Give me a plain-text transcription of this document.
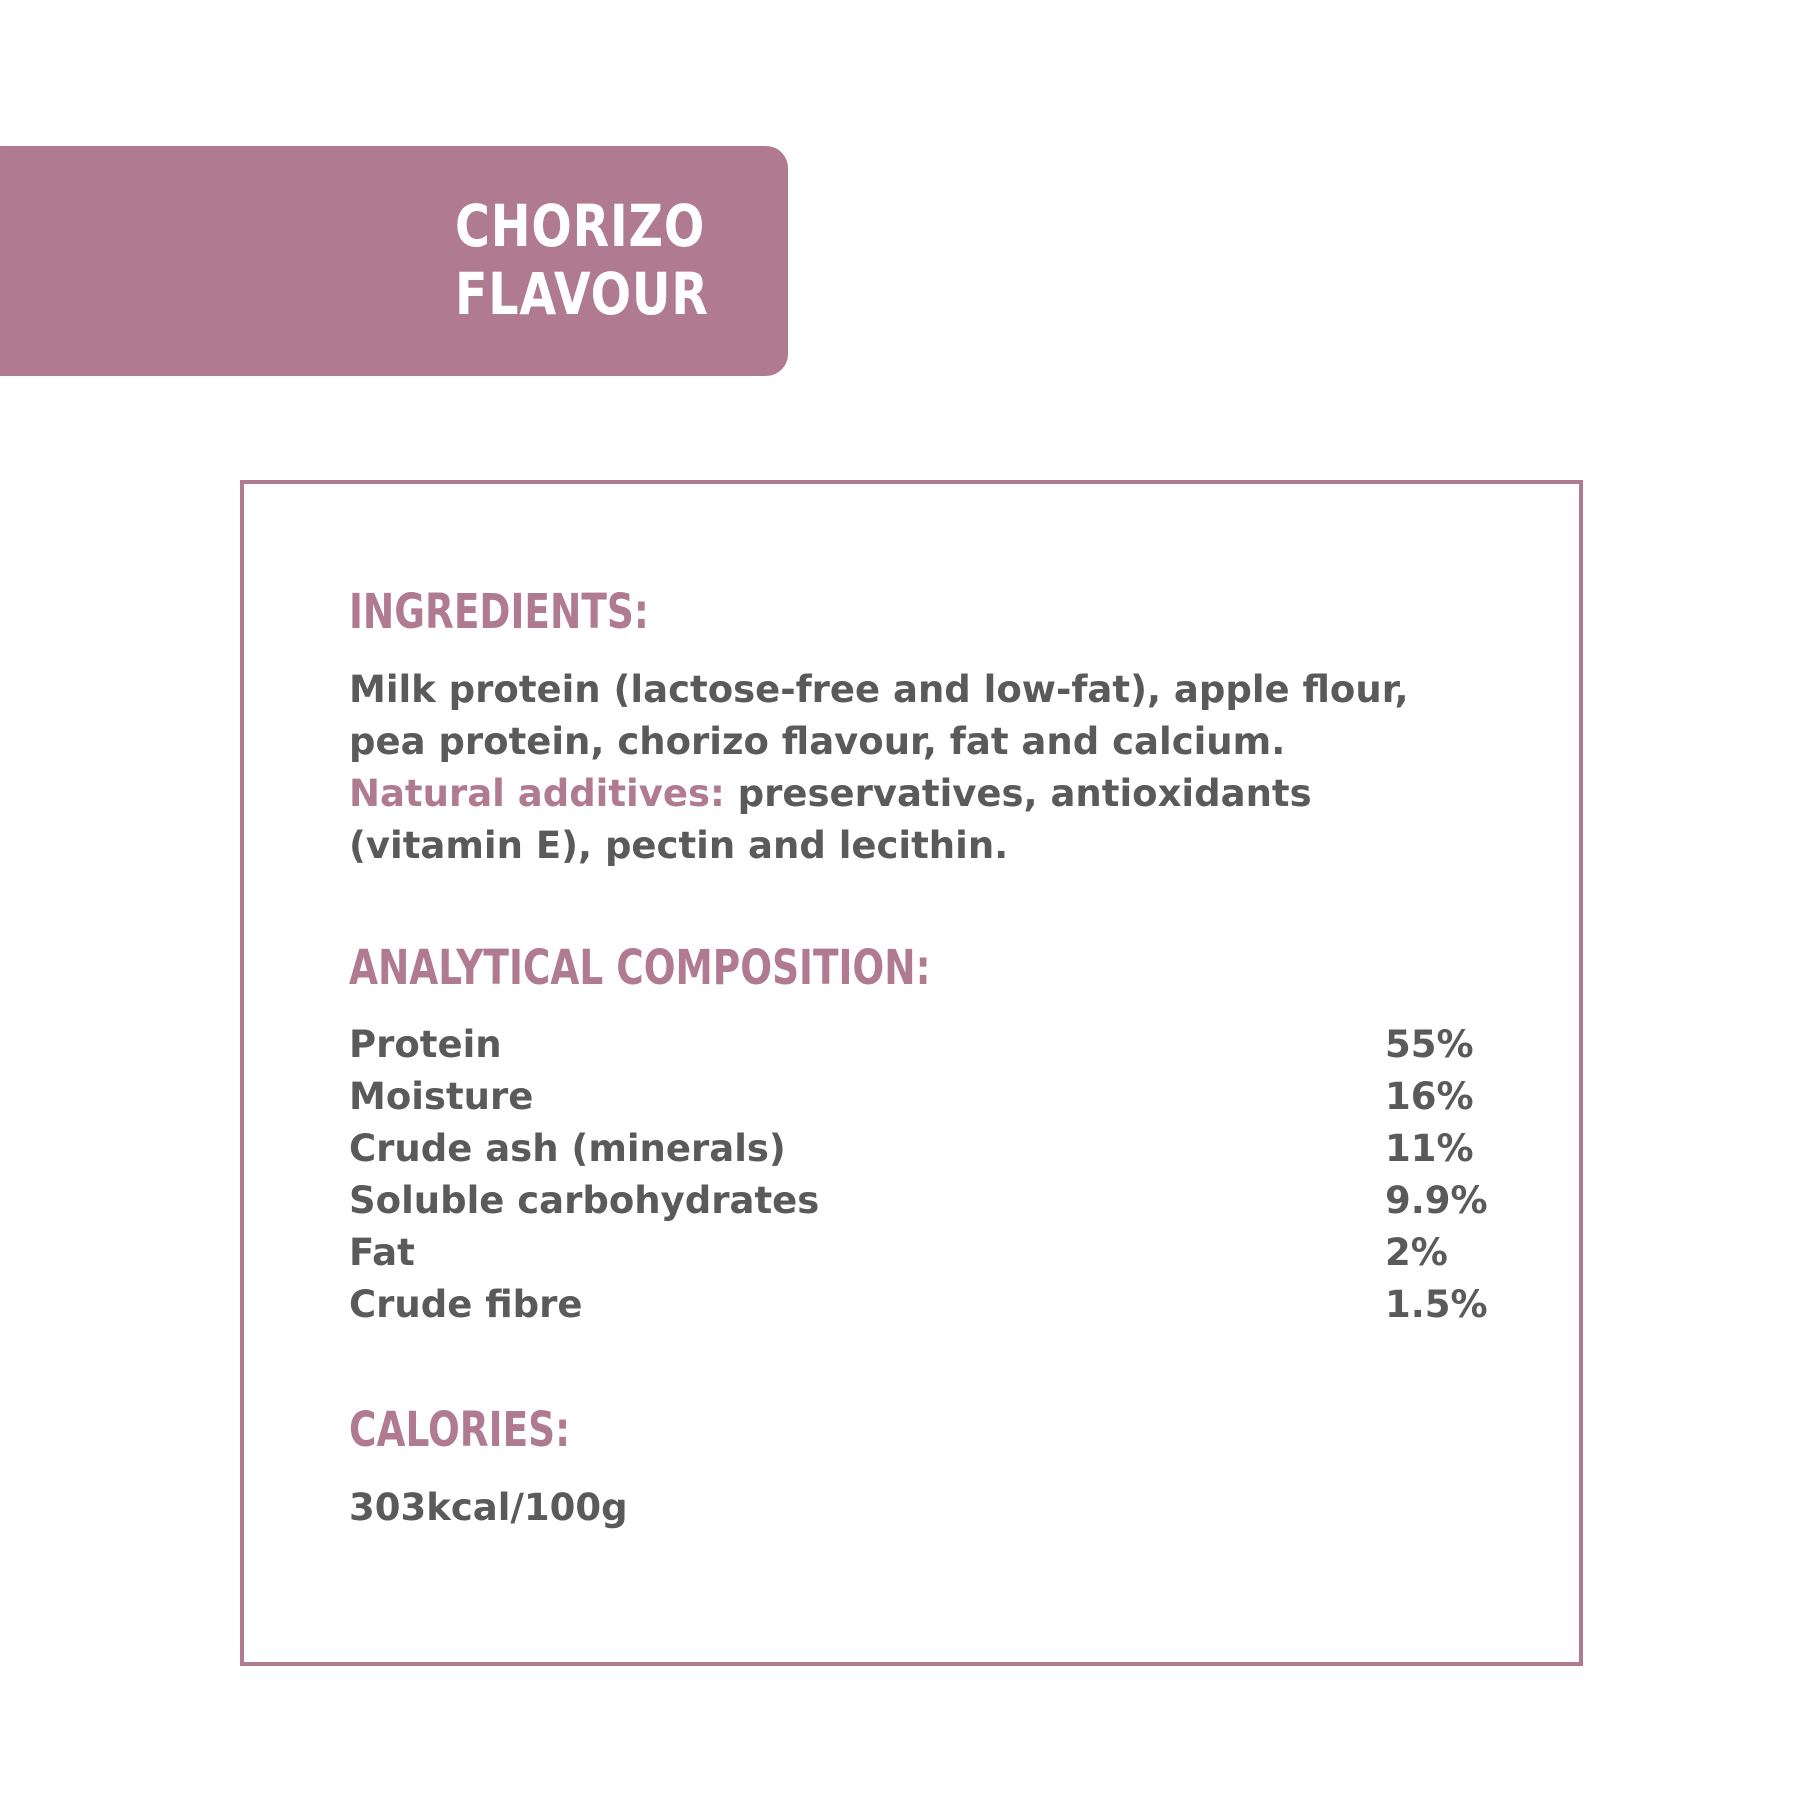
CHORIZO
FLAVOUR
INGREDIENTS:

Milk protein (lactose-free and low-fat), apple flour, pea protein, chorizo flavour, fat and calcium.
Natural additives: preservatives, antioxidants (vitamin E), pectin and lecithin.

ANALYTICAL COMPOSITION:
Protein	55%
Moisture	16%
Crude ash (minerals)	11%
Soluble carbohydrates	9.9%
Fat	2%
Crude fibre	1.5%
CALORIES:

303kcal/100g
